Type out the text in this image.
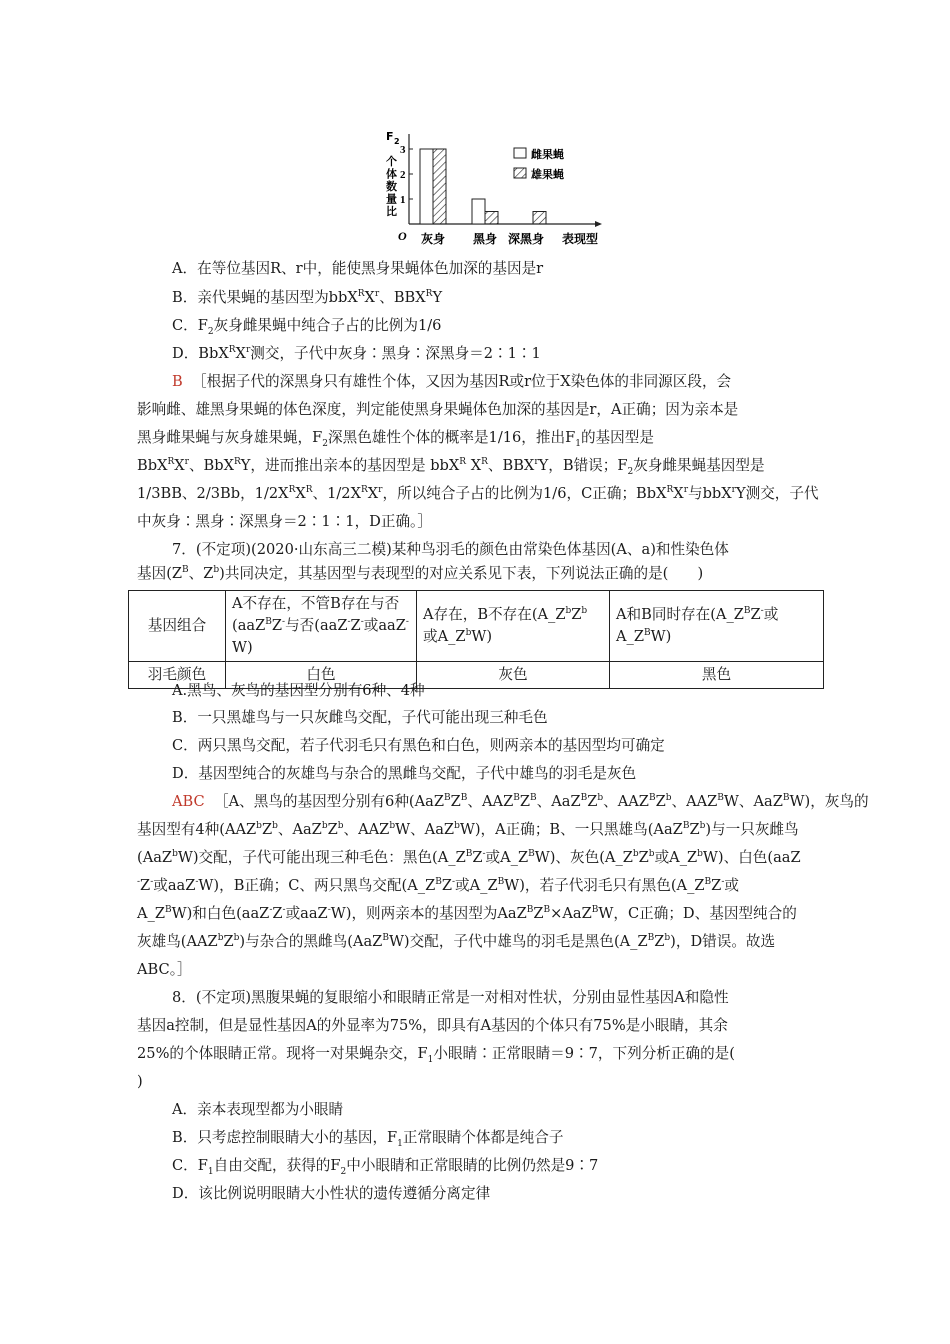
F 2
个
体
数
量
比
1
2
3
灰身 黑身 深黑身
O	表现型
雌果蝇
雄果蝇
A．在等位基因R、r中，能使黑身果蝇体色加深的基因是r
B．亲代果蝇的基因型为$bbX^RX^r$、$BBX^RY$
C．$F_2$灰身雌果蝇中纯合子占的比例为1/6
D．$BbX^RX^r$测交，子代中灰身∶黑身∶深黑身＝2∶1∶1
B ［根据子代的深黑身只有雄性个体，又因为基因R或r位于X染色体的非同源区段，会
影响雌、雄黑身果蝇的体色深度，判定能使黑身果蝇体色加深的基因是r，A正确；因为亲本是
黑身雌果蝇与灰身雄果蝇，$F_2$深黑色雄性个体的概率是1/16，推出$F_1$的基因型是
$BbX^RX^r$、BbX$^R$Y，进而推出亲本的基因型是 bbX$^R$ $X^R$、BBX$^r$Y，B错误；$F_2$灰身雌果蝇基因型是
1/3BB、2/3Bb，$1/2X^RX^R$、$1/2X^RX^r$，所以纯合子占的比例为1/6，C正确；$BbX^RX^r$与bbX$^r$Y测交，子代
中灰身∶黑身∶深黑身＝2∶1∶1，D正确。］
7．(不定项)(2020·山东高三二模)某种鸟羽毛的颜色由常染色体基因(A、a)和性染色体
基因($Z^B$、$Z^b$)共同决定，其基因型与表现型的对应关系见下表，下列说法正确的是(　　)
基因组合	A不存在，不管B存在与否(aaZ$^B$Z-与否(aaZ-Z-或aaZ-W)	A存在，B不存在($A\_Z^bZ^b$
或$A\_Z^bW$)	A和B同时存在($A\_Z^BZ^-$或
$A\_Z^BW$)
羽毛颜色	白色	灰色	黑色
A.黑鸟、灰鸟的基因型分别有6种、4种
B．一只黑雄鸟与一只灰雌鸟交配，子代可能出现三种毛色
C．两只黑鸟交配，若子代羽毛只有黑色和白色，则两亲本的基因型均可确定
D．基因型纯合的灰雄鸟与杂合的黑雌鸟交配，子代中雄鸟的羽毛是灰色
ABC  ［A、黑鸟的基因型分别有6种($AaZ^BZ^B$、$AAZ^BZ^B$、$AaZ^BZ^b$、$AAZ^BZ^b$、$AAZ^BW$、AaZ$^B$W)，灰鸟的
基因型有4种($AAZ^bZ^b$、$AaZ^bZ^b$、AAZ$^b$W、AaZ$^b$W)，A正确；B、一只黑雄鸟$(AaZ^BZ^b)$与一只灰雌鸟
(AaZ$^b$W)交配，子代可能出现三种毛色：黑色($A\_Z^BZ^-$或$A\_Z^BW$)、灰色($A\_Z^bZ^b$或$A\_Z^bW$)、白色(aaZ
-Z-或aaZ-W)，B正确；C、两只黑鸟交配($A\_Z^BZ^-$或$A\_Z^BW$)，若子代羽毛只有黑色($A\_Z^BZ^-$或
$A\_Z^BW$)和白色(aaZ-Z-或aaZ-W)，则两亲本的基因型为$AaZ^BZ^B\times AaZ^BW$，C正确；D、基因型纯合的
灰雄鸟$(AAZ^bZ^b)$与杂合的黑雌鸟(AaZ$^B$W)交配，子代中雄鸟的羽毛是黑色$(A\_Z^BZ^b)$，D错误。故选
ABC。］
8．(不定项)黑腹果蝇的复眼缩小和眼睛正常是一对相对性状，分别由显性基因A和隐性
基因a控制，但是显性基因A的外显率为75%，即具有A基因的个体只有75%是小眼睛，其余
25%的个体眼睛正常。现将一对果蝇杂交，$F_1$小眼睛∶正常眼睛＝9∶7，下列分析正确的是(
)
A．亲本表现型都为小眼睛
B．只考虑控制眼睛大小的基因，$F_1$正常眼睛个体都是纯合子
C．$F_1$自由交配，获得的$F_2$中小眼睛和正常眼睛的比例仍然是9∶7
D．该比例说明眼睛大小性状的遗传遵循分离定律
